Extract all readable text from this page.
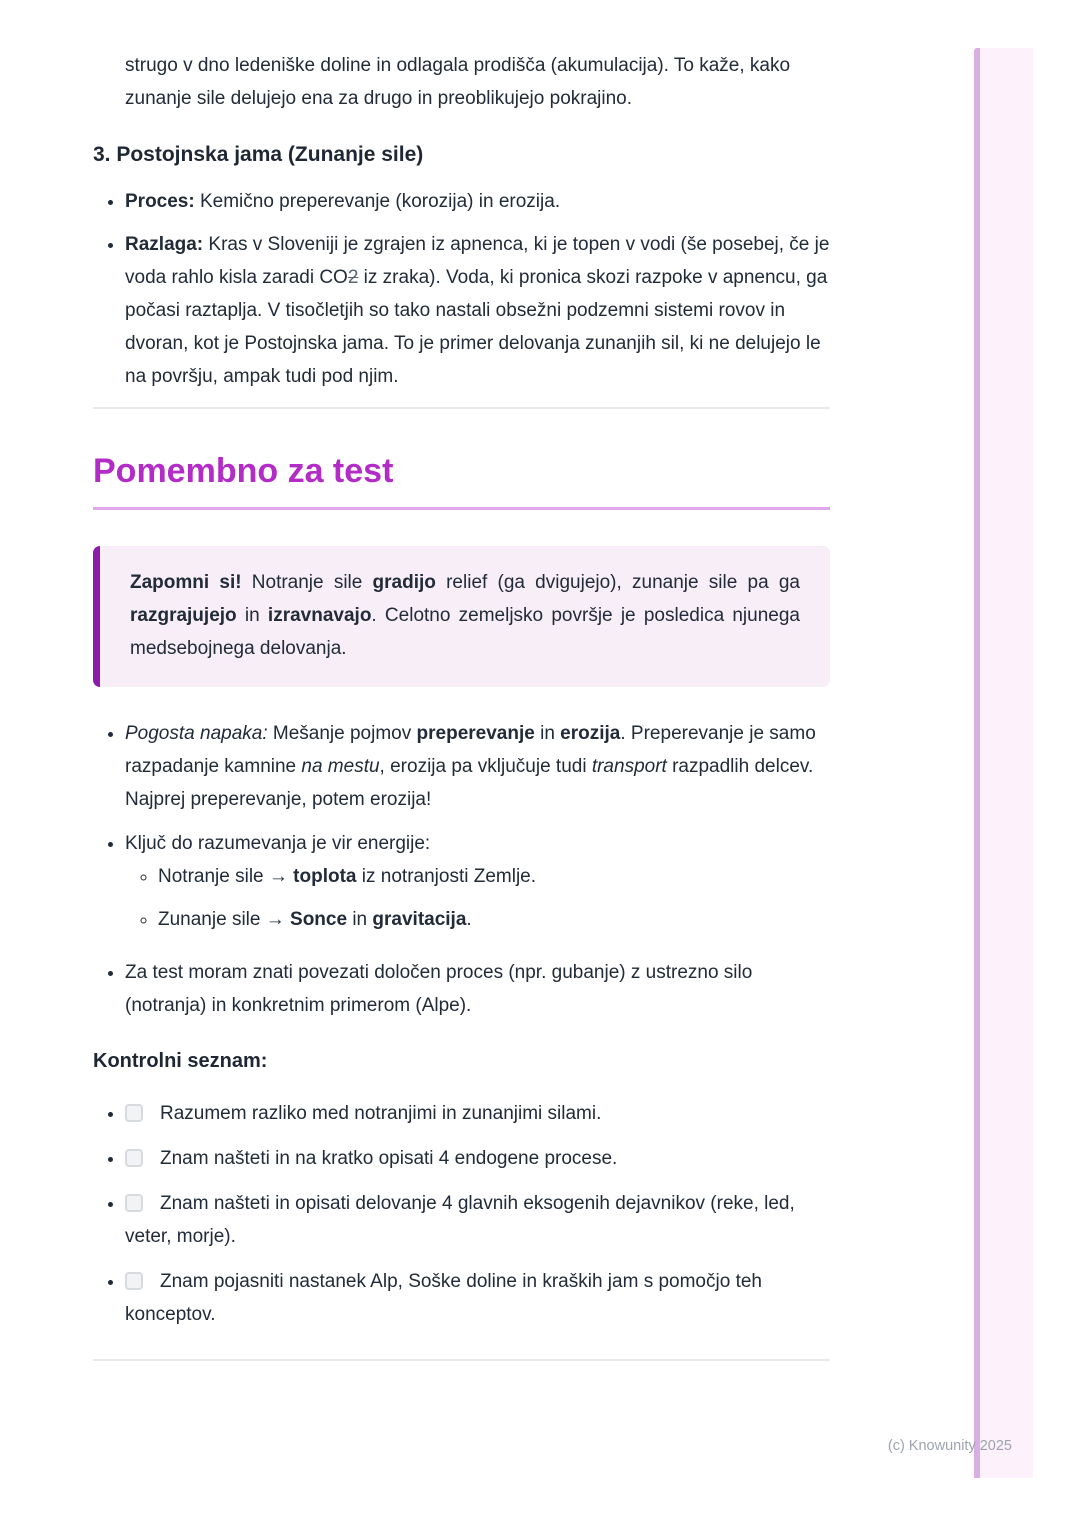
strugo v dno ledeniške doline in odlagala prodišča (akumulacija). To kaže, kako zunanje sile delujejo ena za drugo in preoblikujejo pokrajino.

3. Postojnska jama (Zunanje sile)
• Proces: Kemično preperevanje (korozija) in erozija.
• Razlaga: Kras v Sloveniji je zgrajen iz apnenca, ki je topen v vodi (še posebej, če je voda rahlo kisla zaradi CO2 iz zraka). Voda, ki pronica skozi razpoke v apnencu, ga počasi raztaplja. V tisočletjih so tako nastali obsežni podzemni sistemi rovov in dvoran, kot je Postojnska jama. To je primer delovanja zunanjih sil, ki ne delujejo le na površju, ampak tudi pod njim.
Pomembno za test

Zapomni si! Notranje sile gradijo relief (ga dvigujejo), zunanje sile pa ga razgrajujejo in izravnavajo. Celotno zemeljsko površje je posledica njunega medsebojnega delovanja.

• Pogosta napaka: Mešanje pojmov preperevanje in erozija. Preperevanje je samo razpadanje kamnine na mestu, erozija pa vključuje tudi transport razpadlih delcev. Najprej preperevanje, potem erozija!
• Ključ do razumevanja je vir energije:
◦ Notranje sile → toplota iz notranjosti Zemlje.
◦ Zunanje sile → Sonce in gravitacija.
• Za test moram znati povezati določen proces (npr. gubanje) z ustrezno silo (notranja) in konkretnim primerom (Alpe).
Kontrolni seznam:
• Razumem razliko med notranjimi in zunanjimi silami.
• Znam našteti in na kratko opisati 4 endogene procese.
• Znam našteti in opisati delovanje 4 glavnih eksogenih dejavnikov (reke, led, veter, morje).
• Znam pojasniti nastanek Alp, Soške doline in kraških jam s pomočjo teh konceptov.
(c) Knowunity 2025
